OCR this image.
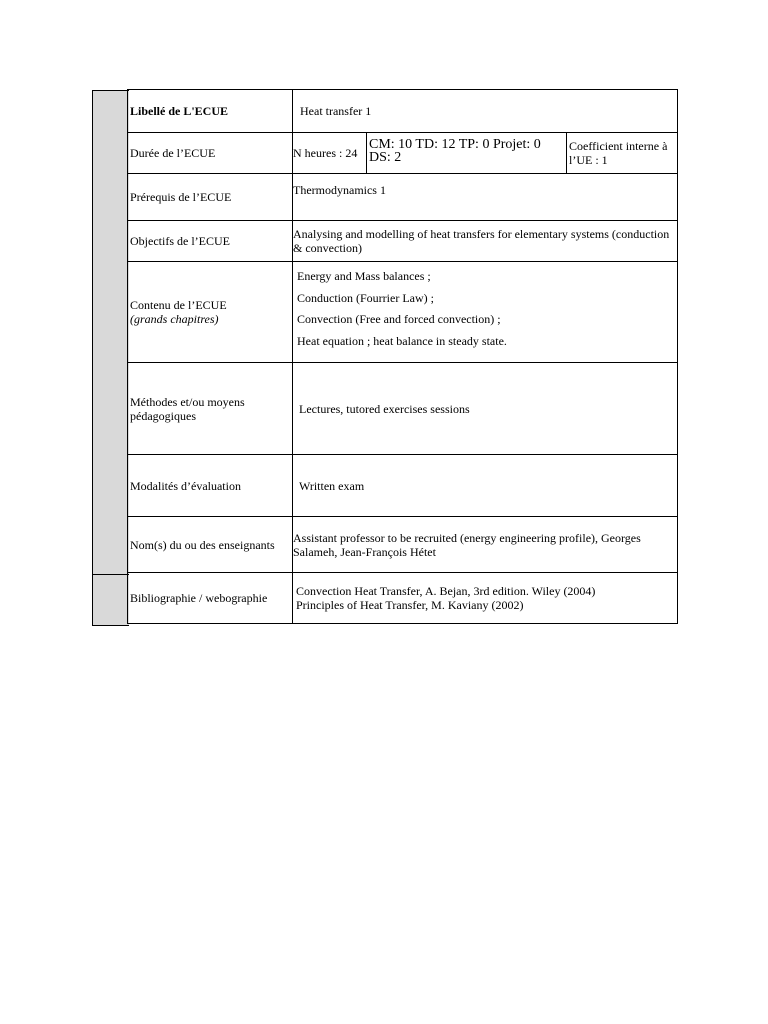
Libellé de L'ECUE	Heat transfer 1		
Durée de l’ECUE	N heures : 24	CM: 10 TD: 12 TP: 0 Projet: 0 DS: 2	Coefficient interne à l’UE : 1
Prérequis de l’ECUE	Thermodynamics 1		
Objectifs de l’ECUE	Analysing and modelling of heat transfers for elementary systems (conduction & convection)		

Contenu de l’ECUE
(grands chapitres)	Energy and Mass balances ;
Conduction (Fourrier Law) ;
Convection (Free and forced convection) ;
Heat equation ; heat balance in steady state.		

Méthodes et/ou moyens pédagogiques	Lectures, tutored exercises sessions		
Modalités d’évaluation	Written exam		
Nom(s) du ou des enseignants	Assistant professor to be recruited (energy engineering profile), Georges Salameh, Jean-François Hétet		
Bibliographie / webographie	Convection Heat Transfer, A. Bejan, 3rd edition. Wiley (2004)
Principles of Heat Transfer, M. Kaviany (2002)		
